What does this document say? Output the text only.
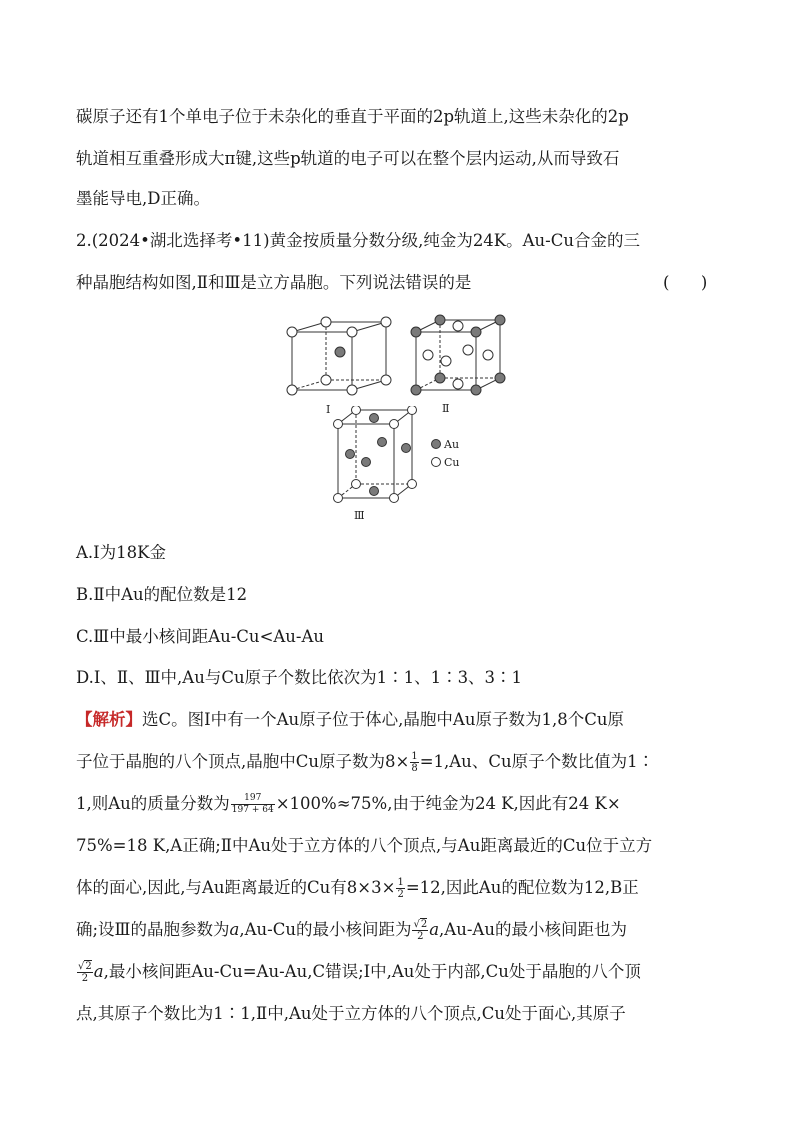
碳原子还有1个单电子位于未杂化的垂直于平面的2p轨道上,这些未杂化的2p
轨道相互重叠形成大π键,这些p轨道的电子可以在整个层内运动,从而导致石
墨能导电,D正确。
2.(2024•湖北选择考•11)黄金按质量分数分级,纯金为24K。Au-Cu合金的三
种晶胞结构如图,Ⅱ和Ⅲ是立方晶胞。下列说法错误的是	(      )
Ⅰ	Ⅱ
Ⅲ
Au
Cu
A.Ⅰ为18K金
B.Ⅱ中Au的配位数是12
C.Ⅲ中最小核间距Au-Cu<Au-Au
D.Ⅰ、Ⅱ、Ⅲ中,Au与Cu原子个数比依次为1∶1、1∶3、3∶1
【解析】选C。图Ⅰ中有一个Au原子位于体心,晶胞中Au原子数为1,8个Cu原
子位于晶胞的八个顶点,晶胞中Cu原子数为$8\times \frac{1}{8} =1,Au$、Cu原子个数比值为1∶
1,则Au的质量分数为 $\frac{197}{197 + 64} \times 100\%\approx 75\%$,由于纯金为24 K,因此有24 K×
75%=18 K,A正确;Ⅱ中Au处于立方体的八个顶点,与Au距离最近的Cu位于立方
体的面心,因此,与Au距离最近的Cu有$8\times 3\times \frac{1}{2} =12$,因此Au的配位数为12,B正
确;设Ⅲ的晶胞参数为a,Au-Cu的最小核间距为 $\frac{√2}{2} a,Au-Au$的最小核间距也为
$\frac{√2}{2} a$,最小核间距Au-Cu=Au-Au,C错误;Ⅰ中,Au处于内部,Cu处于晶胞的八个顶
点,其原子个数比为1∶1,Ⅱ中,Au处于立方体的八个顶点,Cu处于面心,其原子
